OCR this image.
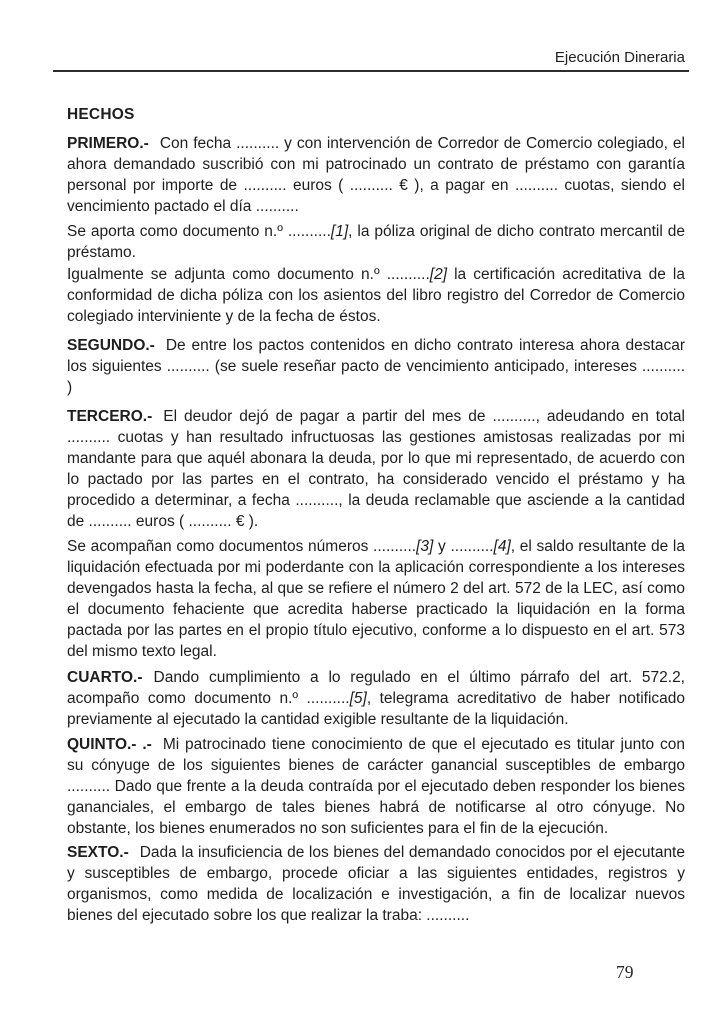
Ejecución Dineraria
HECHOS

PRIMERO.- Con fecha .......... y con intervención de Corredor de Comercio colegiado, el ahora demandado suscribió con mi patrocinado un contrato de préstamo con garantía personal por importe de .......... euros ( .......... € ), a pagar en .......... cuotas, siendo el vencimiento pactado el día ..........

Se aporta como documento n.º ..........[1], la póliza original de dicho contrato mercantil de préstamo.

Igualmente se adjunta como documento n.º ..........[2] la certificación acreditativa de la conformidad de dicha póliza con los asientos del libro registro del Corredor de Comercio colegiado interviniente y de la fecha de éstos.

SEGUNDO.- De entre los pactos contenidos en dicho contrato interesa ahora destacar los siguientes .......... (se suele reseñar pacto de vencimiento anticipado, intereses .......... )

TERCERO.- El deudor dejó de pagar a partir del mes de .........., adeudando en total .......... cuotas y han resultado infructuosas las gestiones amistosas realizadas por mi mandante para que aquél abonara la deuda, por lo que mi representado, de acuerdo con lo pactado por las partes en el contrato, ha considerado vencido el préstamo y ha procedido a determinar, a fecha .........., la deuda reclamable que asciende a la cantidad de .......... euros ( .......... € ).

Se acompañan como documentos números ..........[3] y ..........[4], el saldo resultante de la liquidación efectuada por mi poderdante con la aplicación correspondiente a los intereses devengados hasta la fecha, al que se refiere el número 2 del art. 572 de la LEC, así como el documento fehaciente que acredita haberse practicado la liquidación en la forma pactada por las partes en el propio título ejecutivo, conforme a lo dispuesto en el art. 573 del mismo texto legal.

CUARTO.- Dando cumplimiento a lo regulado en el último párrafo del art. 572.2, acompaño como documento n.º ..........[5], telegrama acreditativo de haber notificado previamente al ejecutado la cantidad exigible resultante de la liquidación.

QUINTO.- .- Mi patrocinado tiene conocimiento de que el ejecutado es titular junto con su cónyuge de los siguientes bienes de carácter ganancial susceptibles de embargo .......... Dado que frente a la deuda contraída por el ejecutado deben responder los bienes gananciales, el embargo de tales bienes habrá de notificarse al otro cónyuge. No obstante, los bienes enumerados no son suficientes para el fin de la ejecución.

SEXTO.- Dada la insuficiencia de los bienes del demandado conocidos por el ejecutante y susceptibles de embargo, procede oficiar a las siguientes entidades, registros y organismos, como medida de localización e investigación, a fin de localizar nuevos bienes del ejecutado sobre los que realizar la traba: ..........

79
